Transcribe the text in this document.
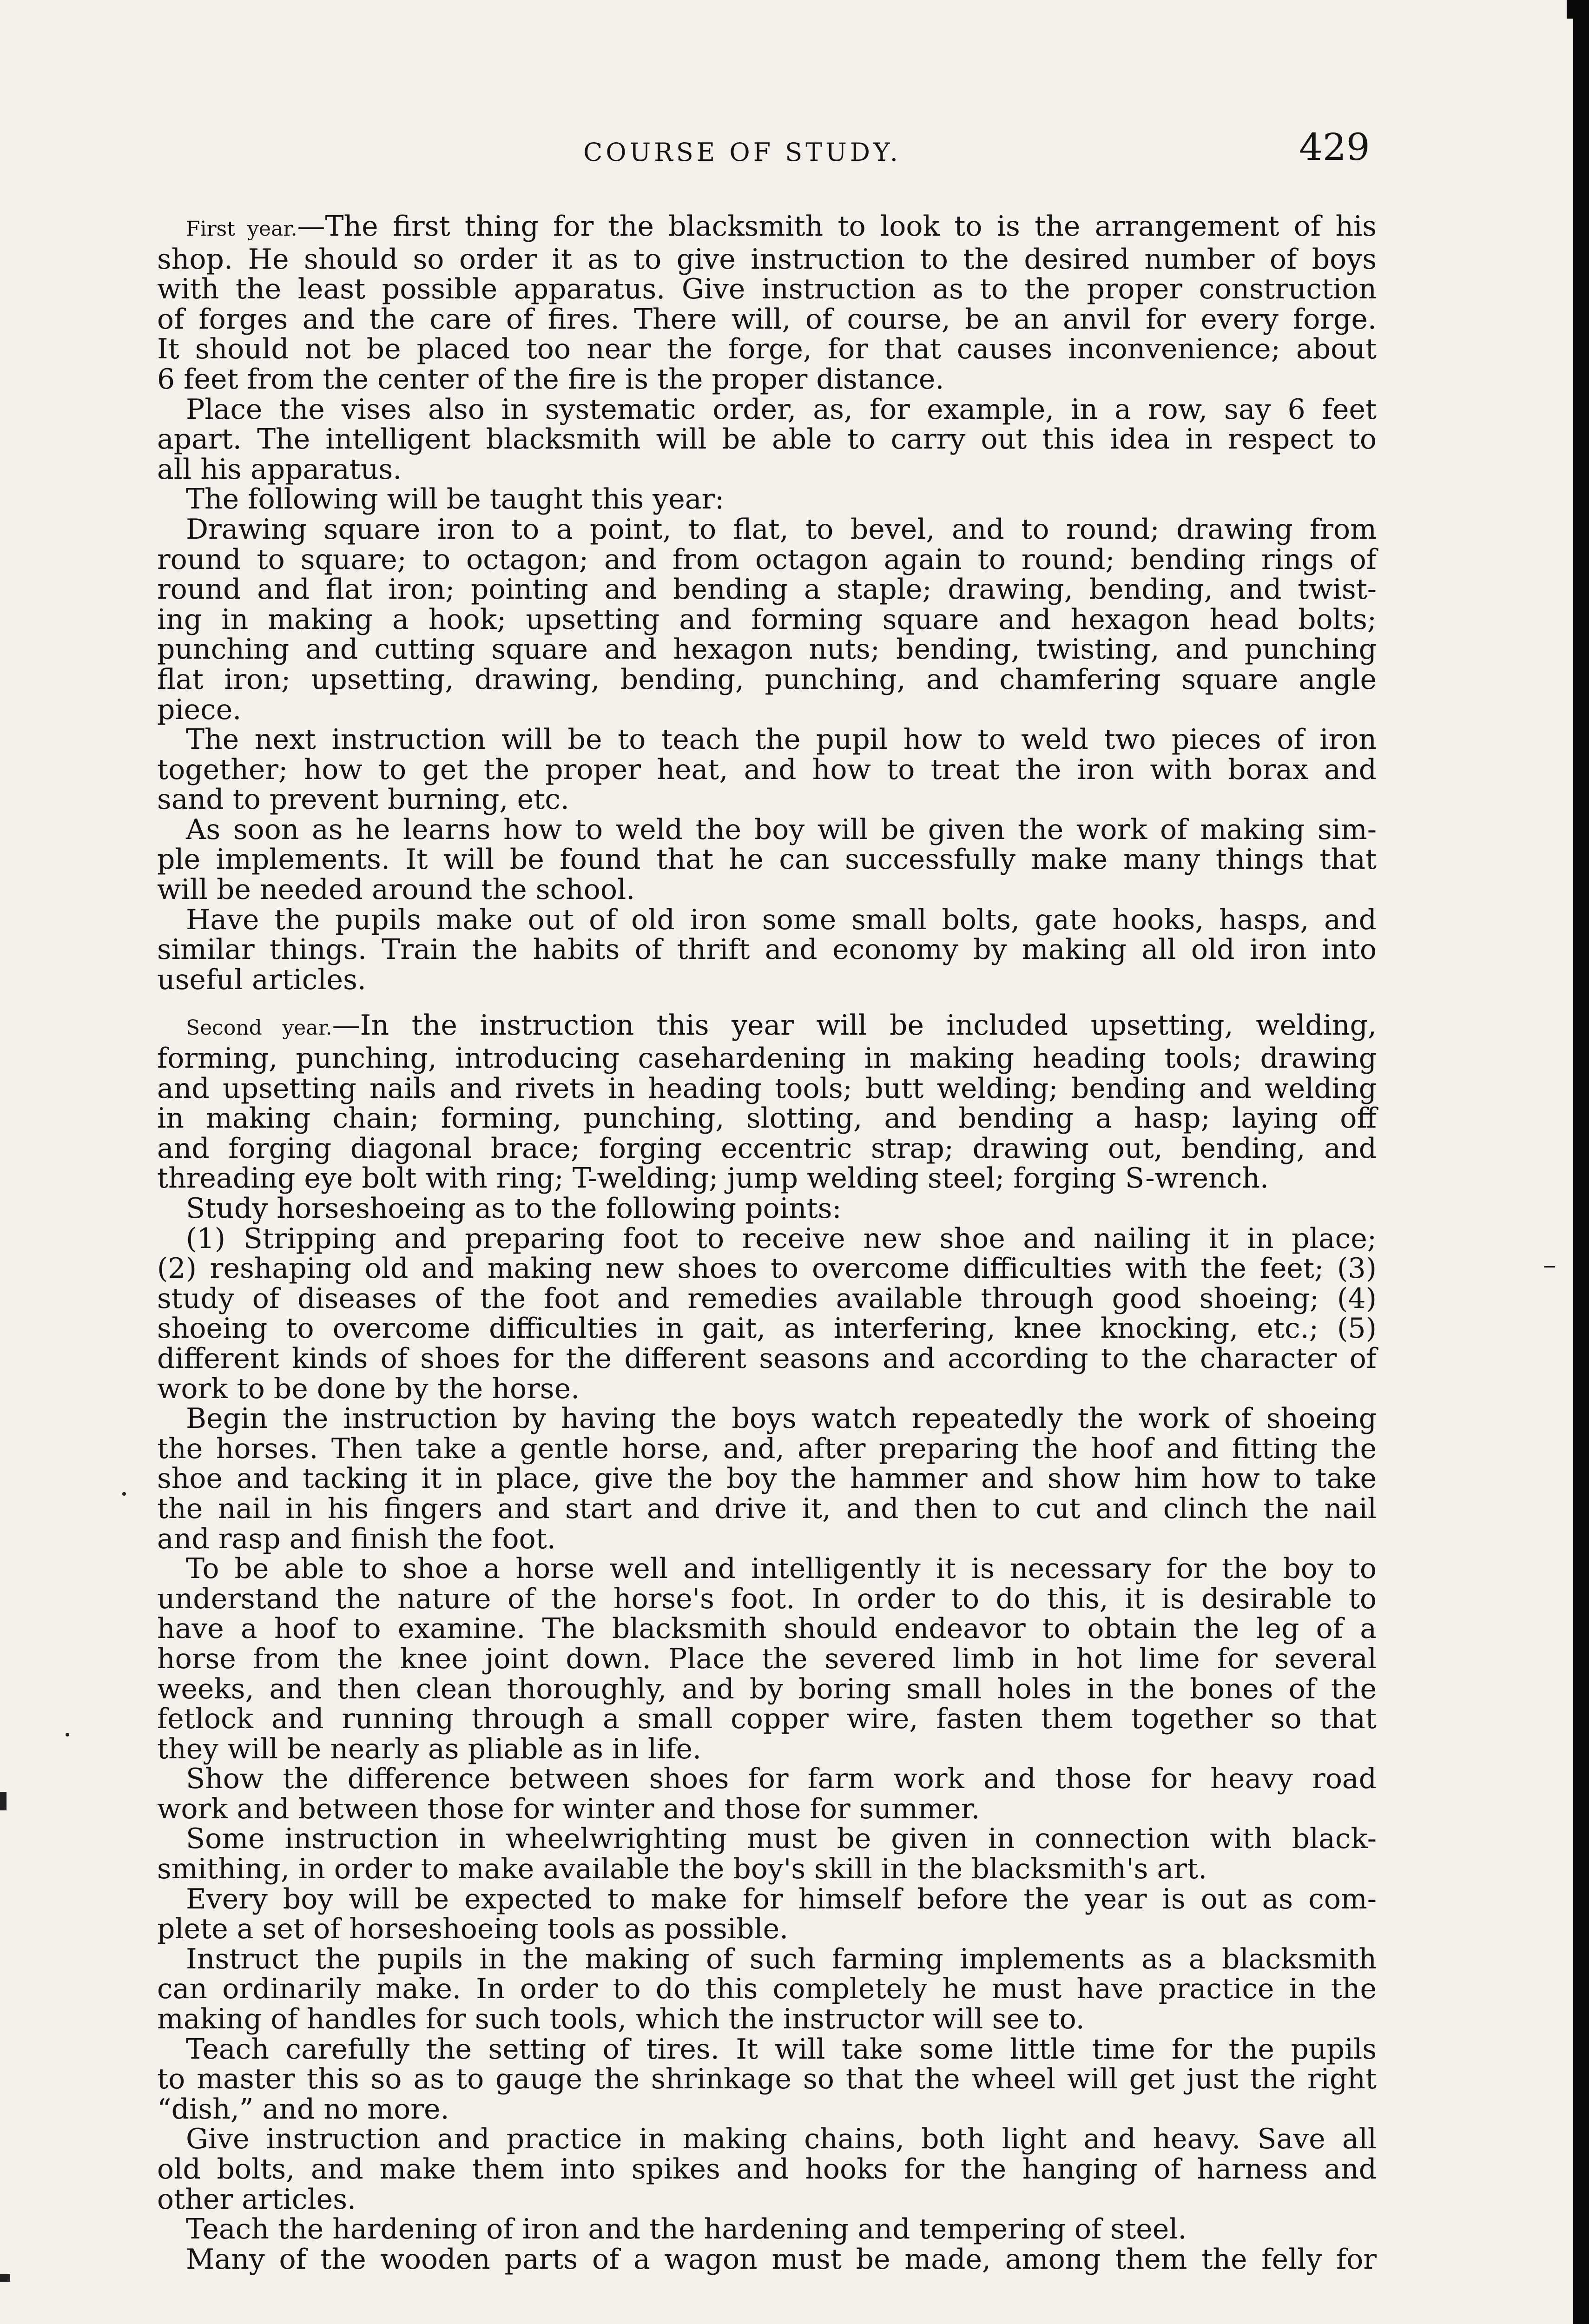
COURSE OF STUDY.	429

First year.—The first thing for the blacksmith to look to is the arrangement of his

shop. He should so order it as to give instruction to the desired number of boys

with the least possible apparatus. Give instruction as to the proper construction

of forges and the care of fires. There will, of course, be an anvil for every forge.

It should not be placed too near the forge, for that causes inconvenience; about

6 feet from the center of the fire is the proper distance.

Place the vises also in systematic order, as, for example, in a row, say 6 feet

apart. The intelligent blacksmith will be able to carry out this idea in respect to

all his apparatus.

The following will be taught this year:

Drawing square iron to a point, to flat, to bevel, and to round; drawing from

round to square; to octagon; and from octagon again to round; bending rings of

round and flat iron; pointing and bending a staple; drawing, bending, and twist-

ing in making a hook; upsetting and forming square and hexagon head bolts;

punching and cutting square and hexagon nuts; bending, twisting, and punching

flat iron; upsetting, drawing, bending, punching, and chamfering square angle

piece.

The next instruction will be to teach the pupil how to weld two pieces of iron

together; how to get the proper heat, and how to treat the iron with borax and

sand to prevent burning, etc.

As soon as he learns how to weld the boy will be given the work of making sim-

ple implements. It will be found that he can successfully make many things that

will be needed around the school.

Have the pupils make out of old iron some small bolts, gate hooks, hasps, and

similar things. Train the habits of thrift and economy by making all old iron into

useful articles.

Second year.—In the instruction this year will be included upsetting, welding,

forming, punching, introducing casehardening in making heading tools; drawing

and upsetting nails and rivets in heading tools; butt welding; bending and welding

in making chain; forming, punching, slotting, and bending a hasp; laying off

and forging diagonal brace; forging eccentric strap; drawing out, bending, and

threading eye bolt with ring; T-welding; jump welding steel; forging S-wrench.

Study horseshoeing as to the following points:

(1) Stripping and preparing foot to receive new shoe and nailing it in place;

(2) reshaping old and making new shoes to overcome difficulties with the feet; (3)

study of diseases of the foot and remedies available through good shoeing; (4)

shoeing to overcome difficulties in gait, as interfering, knee knocking, etc.; (5)

different kinds of shoes for the different seasons and according to the character of

work to be done by the horse.

Begin the instruction by having the boys watch repeatedly the work of shoeing

the horses. Then take a gentle horse, and, after preparing the hoof and fitting the

shoe and tacking it in place, give the boy the hammer and show him how to take

the nail in his fingers and start and drive it, and then to cut and clinch the nail

and rasp and finish the foot.

To be able to shoe a horse well and intelligently it is necessary for the boy to

understand the nature of the horse's foot. In order to do this, it is desirable to

have a hoof to examine. The blacksmith should endeavor to obtain the leg of a

horse from the knee joint down. Place the severed limb in hot lime for several

weeks, and then clean thoroughly, and by boring small holes in the bones of the

fetlock and running through a small copper wire, fasten them together so that

they will be nearly as pliable as in life.

Show the difference between shoes for farm work and those for heavy road

work and between those for winter and those for summer.

Some instruction in wheelwrighting must be given in connection with black-

smithing, in order to make available the boy's skill in the blacksmith's art.

Every boy will be expected to make for himself before the year is out as com-

plete a set of horseshoeing tools as possible.

Instruct the pupils in the making of such farming implements as a blacksmith

can ordinarily make. In order to do this completely he must have practice in the

making of handles for such tools, which the instructor will see to.

Teach carefully the setting of tires. It will take some little time for the pupils

to master this so as to gauge the shrinkage so that the wheel will get just the right

“dish,” and no more.

Give instruction and practice in making chains, both light and heavy. Save all

old bolts, and make them into spikes and hooks for the hanging of harness and

other articles.

Teach the hardening of iron and the hardening and tempering of steel.

Many of the wooden parts of a wagon must be made, among them the felly for
